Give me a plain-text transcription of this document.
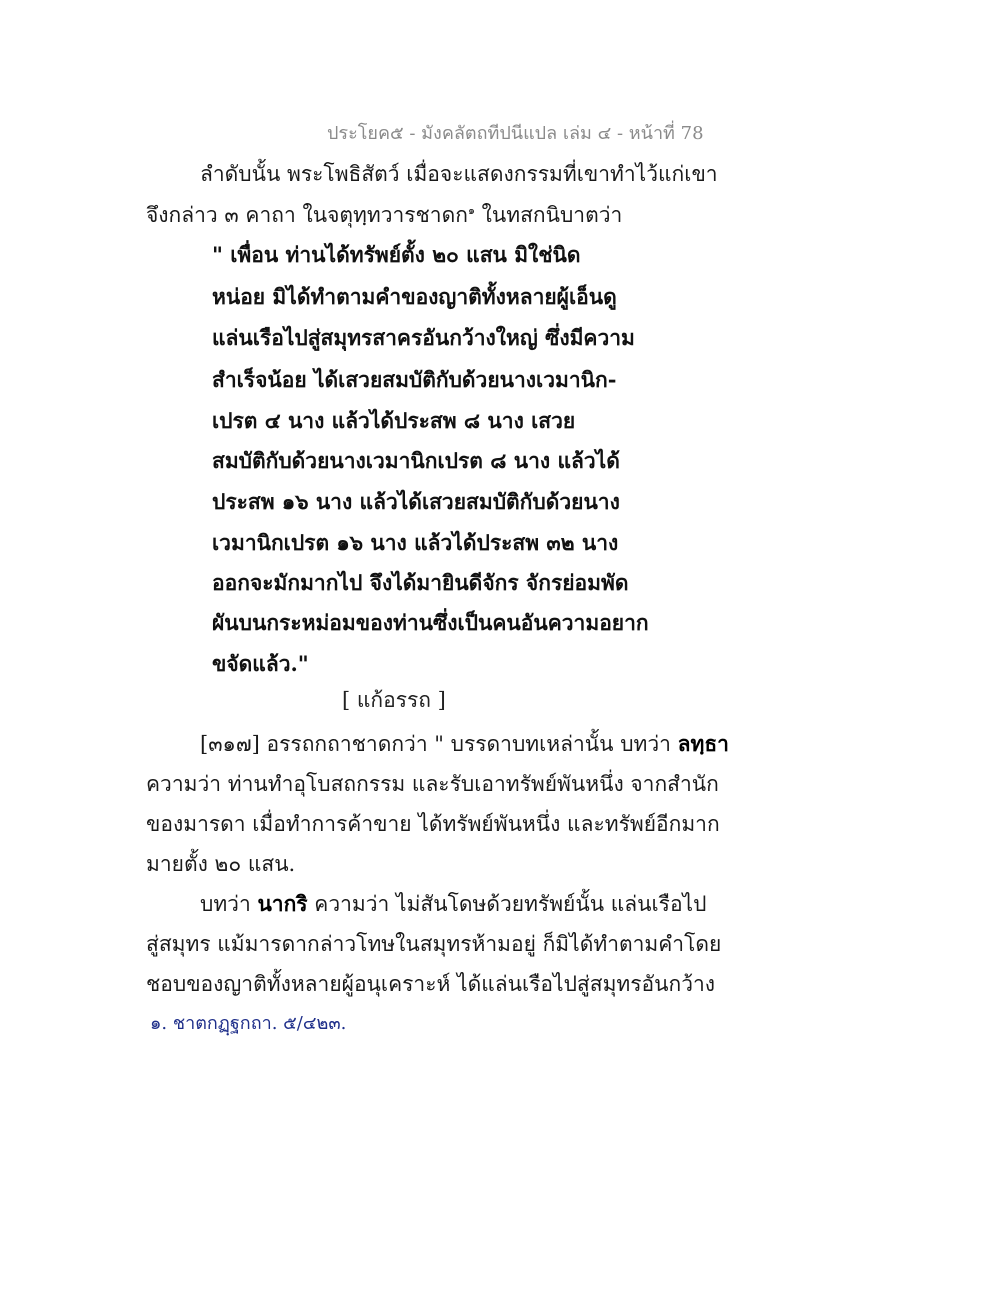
ประโยค๕ - มังคลัตถทีปนีแปล เล่ม ๔ - หน้าที่ 78
ลำดับนั้น พระโพธิสัตว์ เมื่อจะแสดงกรรมที่เขาทำไว้แก่เขา
จึงกล่าว ๓ คาถา ในจตุทฺทวารชาดก$^๑$ ในทสกนิบาตว่า
" เพื่อน ท่านได้ทรัพย์ตั้ง ๒๐ แสน มิใช่นิด
หน่อย มิได้ทำตามคำของญาติทั้งหลายผู้เอ็นดู
แล่นเรือไปสู่สมุทรสาครอันกว้างใหญ่ ซึ่งมีความ
สำเร็จน้อย ได้เสวยสมบัติกับด้วยนางเวมานิก-
เปรต ๔ นาง แล้วได้ประสพ ๘ นาง เสวย
สมบัติกับด้วยนางเวมานิกเปรต ๘ นาง แล้วได้
ประสพ ๑๖ นาง แล้วได้เสวยสมบัติกับด้วยนาง
เวมานิกเปรต ๑๖ นาง แล้วได้ประสพ ๓๒ นาง
ออกจะมักมากไป จึงได้มายินดีจักร จักรย่อมพัด
ผันบนกระหม่อมของท่านซึ่งเป็นคนอันความอยาก
ขจัดแล้ว."
[ แก้อรรถ ]
[๓๑๗] อรรถกถาชาดกว่า " บรรดาบทเหล่านั้น บทว่า ลทฺธา
ความว่า ท่านทำอุโบสถกรรม และรับเอาทรัพย์พันหนึ่ง จากสำนัก
ของมารดา เมื่อทำการค้าขาย ได้ทรัพย์พันหนึ่ง และทรัพย์อีกมาก
มายตั้ง ๒๐ แสน.
บทว่า นากริ ความว่า ไม่สันโดษด้วยทรัพย์นั้น แล่นเรือไป
สู่สมุทร แม้มารดากล่าวโทษในสมุทรห้ามอยู่ ก็มิได้ทำตามคำโดย
ชอบของญาติทั้งหลายผู้อนุเคราะห์ ได้แล่นเรือไปสู่สมุทรอันกว้าง
๑. ชาตกฏฺฐกถา. ๕/๔๒๓.
